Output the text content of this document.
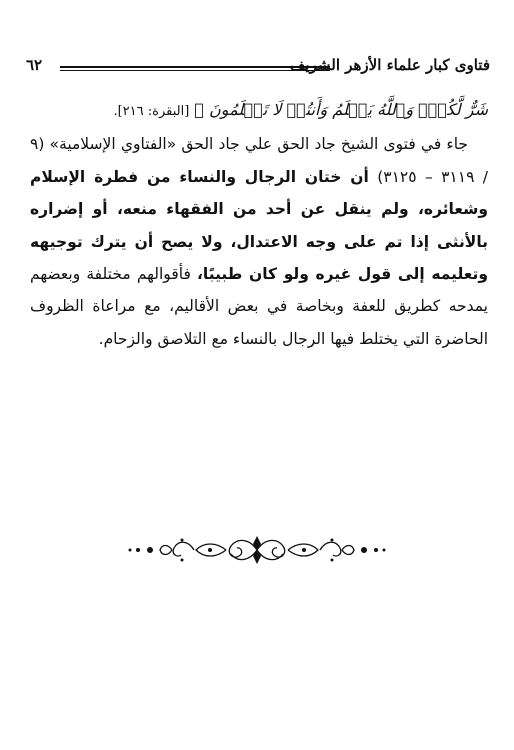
فتاوى كبار علماء الأزهر الشريف
٦٢
شَرٌّ لَّكُمْۚ وَٱللَّهُ يَعۡلَمُ وَأَنتُمۡ لَا تَعۡلَمُونَ ﴾ [البقرة: ٢١٦].
جاء في فتوى الشيخ جاد الحق علي جاد الحق «الفتاوي الإسلامية» (٩ / ٣١١٩ – ٣١٢٥) أن ختان الرجال والنساء من فطرة الإسلام وشعائره، ولم ينقل عن أحد من الفقهاء منعه، أو إضراره بالأنثى إذا تم على وجه الاعتدال، ولا يصح أن يترك توجيهه وتعليمه إلى قول غيره ولو كان طبيبًا، فأقوالهم مختلفة وبعضهم يمدحه كطريق للعفة وبخاصة في بعض الأقاليم، مع مراعاة الظروف الحاضرة التي يختلط فيها الرجال بالنساء مع التلاصق والزحام.
